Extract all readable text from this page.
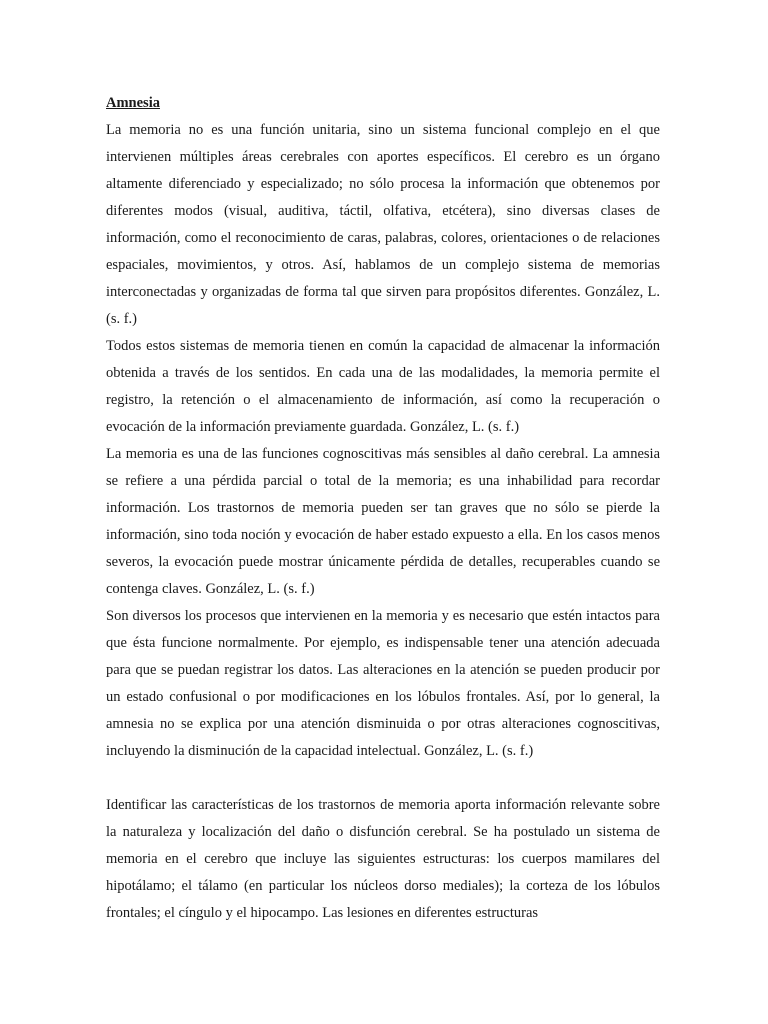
Amnesia

La memoria no es una función unitaria, sino un sistema funcional complejo en el que intervienen múltiples áreas cerebrales con aportes específicos. El cerebro es un órgano altamente diferenciado y especializado; no sólo procesa la información que obtenemos por diferentes modos (visual, auditiva, táctil, olfativa, etcétera), sino diversas clases de información, como el reconocimiento de caras, palabras, colores, orientaciones o de relaciones espaciales, movimientos, y otros. Así, hablamos de un complejo sistema de memorias interconectadas y organizadas de forma tal que sirven para propósitos diferentes. González, L. (s. f.)

Todos estos sistemas de memoria tienen en común la capacidad de almacenar la información obtenida a través de los sentidos. En cada una de las modalidades, la memoria permite el registro, la retención o el almacenamiento de información, así como la recuperación o evocación de la información previamente guardada. González, L. (s. f.)

La memoria es una de las funciones cognoscitivas más sensibles al daño cerebral. La amnesia se refiere a una pérdida parcial o total de la memoria; es una inhabilidad para recordar información. Los trastornos de memoria pueden ser tan graves que no sólo se pierde la información, sino toda noción y evocación de haber estado expuesto a ella. En los casos menos severos, la evocación puede mostrar únicamente pérdida de detalles, recuperables cuando se contenga claves. González, L. (s. f.)

Son diversos los procesos que intervienen en la memoria y es necesario que estén intactos para que ésta funcione normalmente. Por ejemplo, es indispensable tener una atención adecuada para que se puedan registrar los datos. Las alteraciones en la atención se pueden producir por un estado confusional o por modificaciones en los lóbulos frontales. Así, por lo general, la amnesia no se explica por una atención disminuida o por otras alteraciones cognoscitivas, incluyendo la disminución de la capacidad intelectual. González, L. (s. f.)

Identificar las características de los trastornos de memoria aporta información relevante sobre la naturaleza y localización del daño o disfunción cerebral. Se ha postulado un sistema de memoria en el cerebro que incluye las siguientes estructuras: los cuerpos mamilares del hipotálamo; el tálamo (en particular los núcleos dorso mediales); la corteza de los lóbulos frontales; el cíngulo y el hipocampo. Las lesiones en diferentes estructuras
